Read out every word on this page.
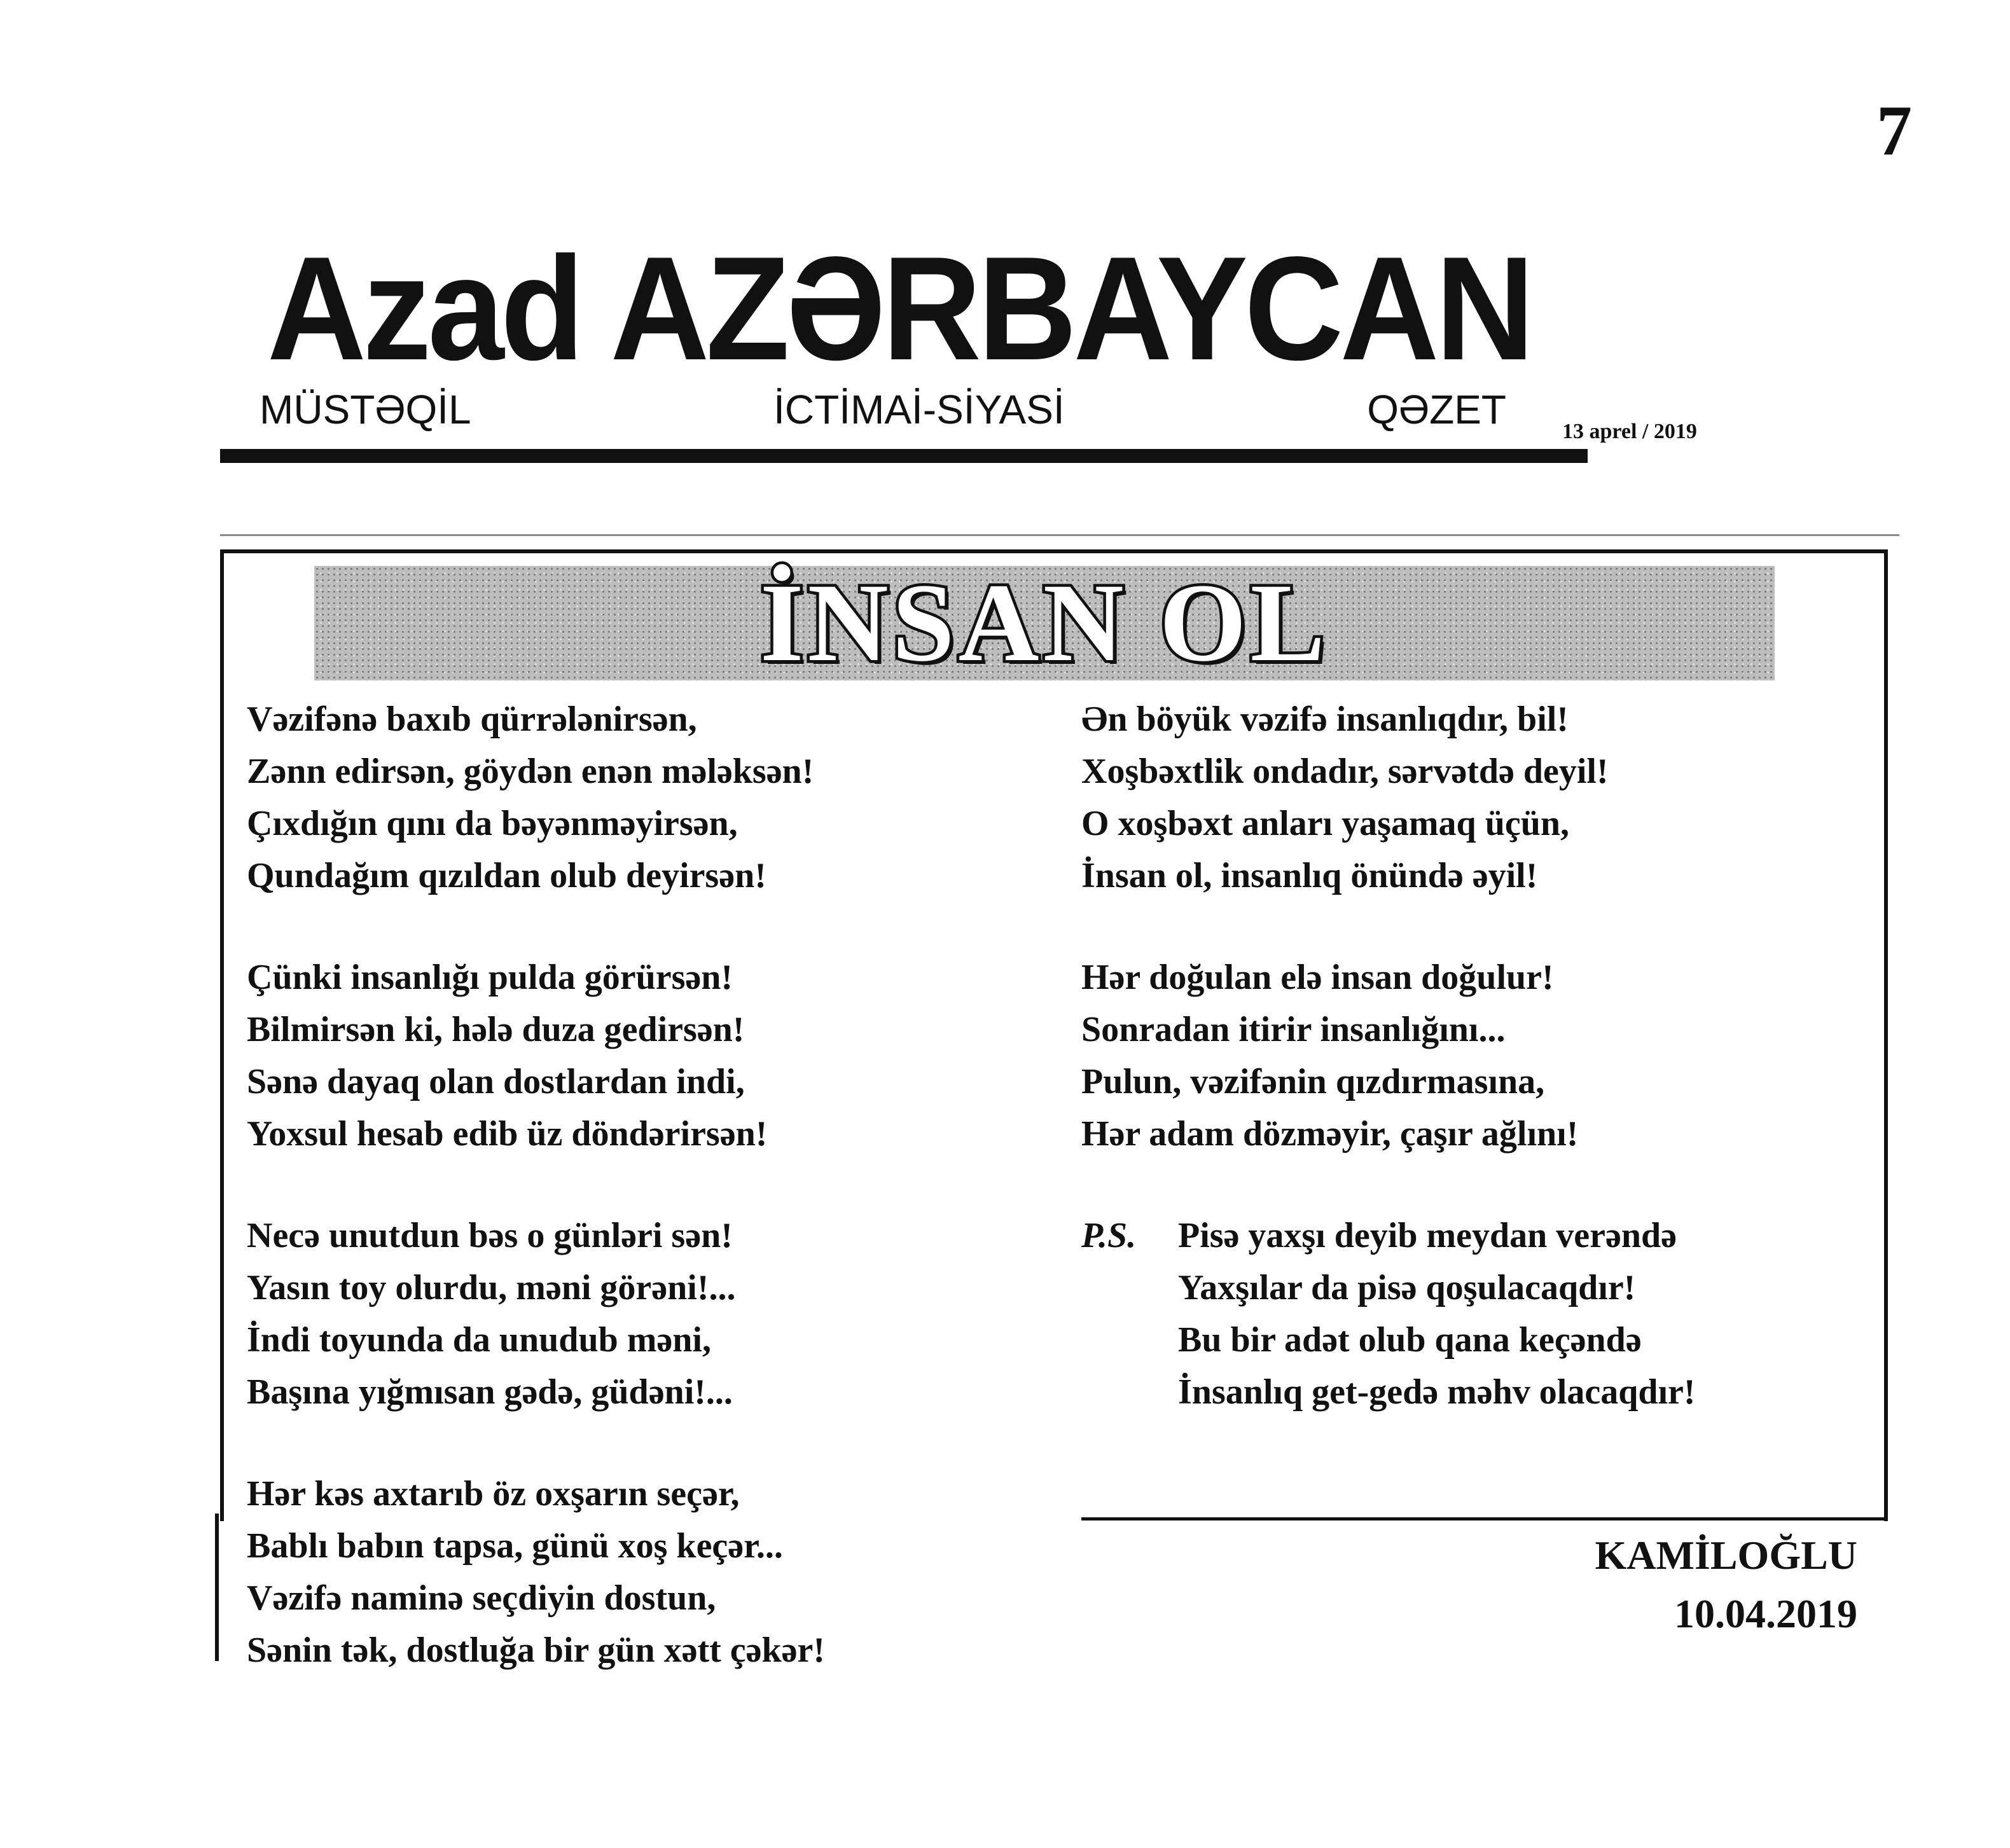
7
Azad AZƏRBAYCAN
MÜSTƏQİL	İCTİMAİ-SİYASİ	QƏZET	13 aprel / 2019
İNSAN OL
Vəzifənə baxıb qürrələnirsən,
Zənn edirsən, göydən enən mələksən!
Çıxdığın qını da bəyənməyirsən,
Qundağım qızıldan olub deyirsən!
Çünki insanlığı pulda görürsən!
Bilmirsən ki, hələ duza gedirsən!
Sənə dayaq olan dostlardan indi,
Yoxsul hesab edib üz döndərirsən!
Necə unutdun bəs o günləri sən!
Yasın toy olurdu, məni görəni!...
İndi toyunda da unudub məni,
Başına yığmısan gədə, güdəni!...
Hər kəs axtarıb öz oxşarın seçər,
Bablı babın tapsa, günü xoş keçər...
Vəzifə naminə seçdiyin dostun,
Sənin tək, dostluğa bir gün xətt çəkər!
Ən böyük vəzifə insanlıqdır, bil!
Xoşbəxtlik ondadır, sərvətdə deyil!
O xoşbəxt anları yaşamaq üçün,
İnsan ol, insanlıq önündə əyil!
Hər doğulan elə insan doğulur!
Sonradan itirir insanlığını...
Pulun, vəzifənin qızdırmasına,
Hər adam dözməyir, çaşır ağlını!
P.S. Pisə yaxşı deyib meydan verəndə
Yaxşılar da pisə qoşulacaqdır!
Bu bir adət olub qana keçəndə
İnsanlıq get-gedə məhv olacaqdır!
KAMİLOĞLU
10.04.2019
